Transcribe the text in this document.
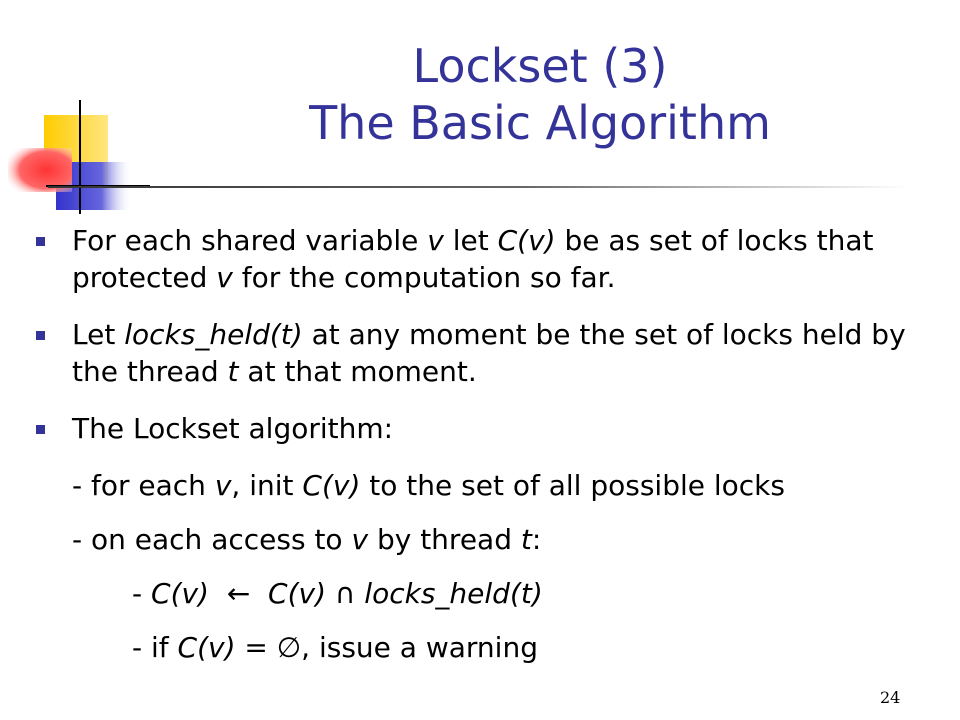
Lockset (3)
The Basic Algorithm
For each shared variable v let C(v) be as set of locks that protected v for the computation so far.
Let locks_held(t) at any moment be the set of locks held by the thread t at that moment.
The Lockset algorithm:
- for each v, init C(v) to the set of all possible locks
- on each access to v by thread t:
- C(v)  ←  C(v) ∩ locks_held(t)
- if C(v) = ∅, issue a warning
24
